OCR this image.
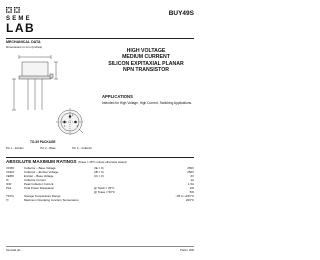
SEME
LAB
BUY49S
MECHANICAL DATA
Dimensions in mm (inches)
1
2
3
TO-39 PACKAGE
Pin 1 – Emitter	Pin 2 – Base	Pin 3 – Collector
HIGH VOLTAGE
MEDIUM CURRENT
SILICON EXPITAXIAL PLANAR
NPN TRANSISTOR
APPLICATIONS
Intended for High Voltage, High Current, Switching Applications.
ABSOLUTE MAXIMUM RATINGS (Tcase = 25°C unless otherwise stated)
VCBO	Collector – Base Voltage	(IE = 0)		250V
VCEO	Collector – Emitter Voltage	(IB = 0)		250V
VEBO	Emitter – Base Voltage	(IC = 0)		6V
IC	Collector Current			1A
ICM	Peak Collector Current			1.5A
Ptot	Total Power Dissipation	@ Tamb = 25°C		1W
		@ Tcase = 50°C		5W
TSTG	Storage Temperature Range			–65 to +150°C
Tj	Maximum Operating Junction Temperature			200°C
Semelab plc.	Prelim. 3/96
